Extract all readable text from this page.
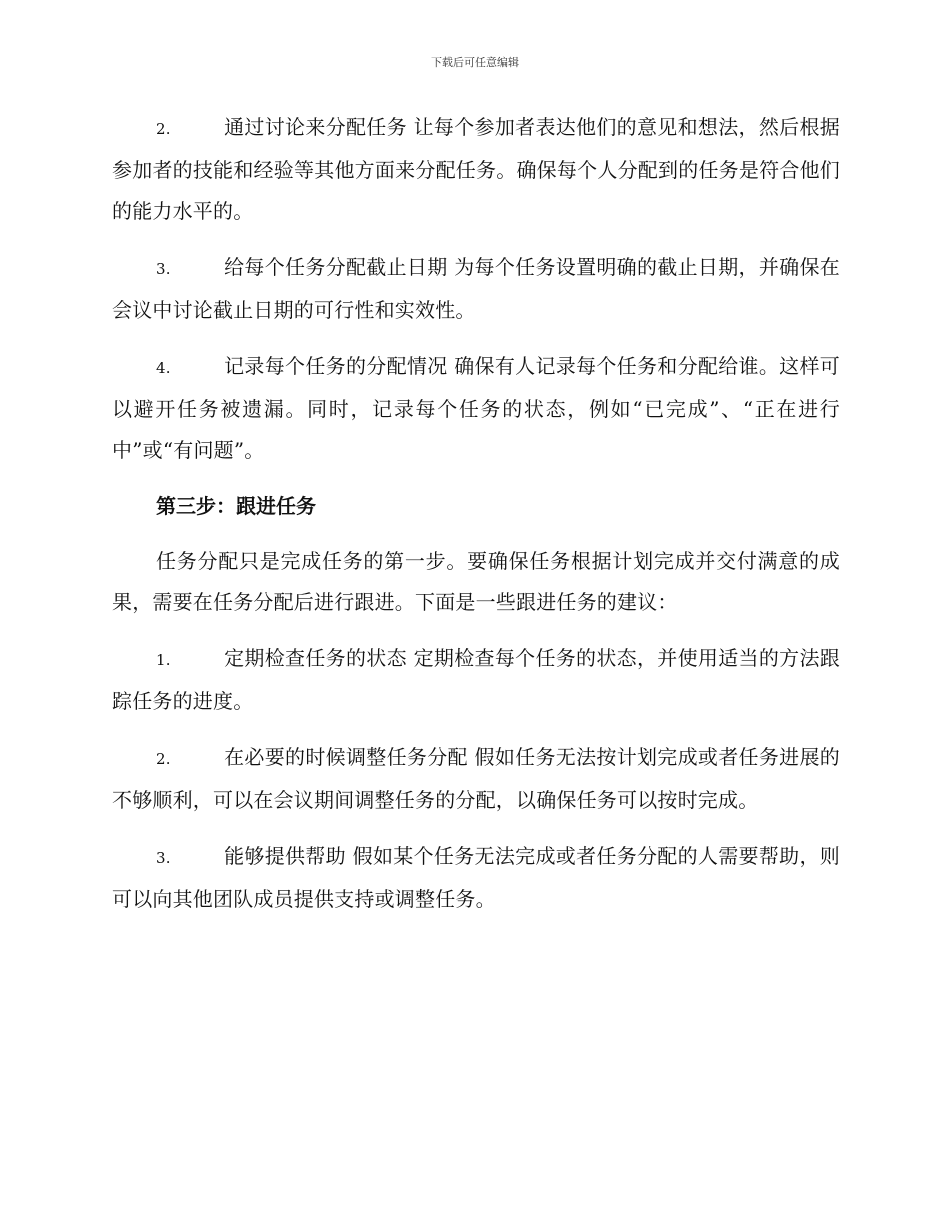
下载后可任意编辑

2.	通过讨论来分配任务 让每个参加者表达他们的意见和想法，然后根据参加者的技能和经验等其他方面来分配任务。确保每个人分配到的任务是符合他们的能力水平的。

3.	给每个任务分配截止日期 为每个任务设置明确的截止日期，并确保在会议中讨论截止日期的可行性和实效性。

4.	记录每个任务的分配情况 确保有人记录每个任务和分配给谁。这样可以避开任务被遗漏。同时，记录每个任务的状态，例如“已完成”、“正在进行中”或“有问题”。

第三步：跟进任务

任务分配只是完成任务的第一步。要确保任务根据计划完成并交付满意的成果，需要在任务分配后进行跟进。下面是一些跟进任务的建议：

1.	定期检查任务的状态 定期检查每个任务的状态，并使用适当的方法跟踪任务的进度。

2.	在必要的时候调整任务分配 假如任务无法按计划完成或者任务进展的不够顺利，可以在会议期间调整任务的分配，以确保任务可以按时完成。

3.	能够提供帮助 假如某个任务无法完成或者任务分配的人需要帮助，则可以向其他团队成员提供支持或调整任务。
